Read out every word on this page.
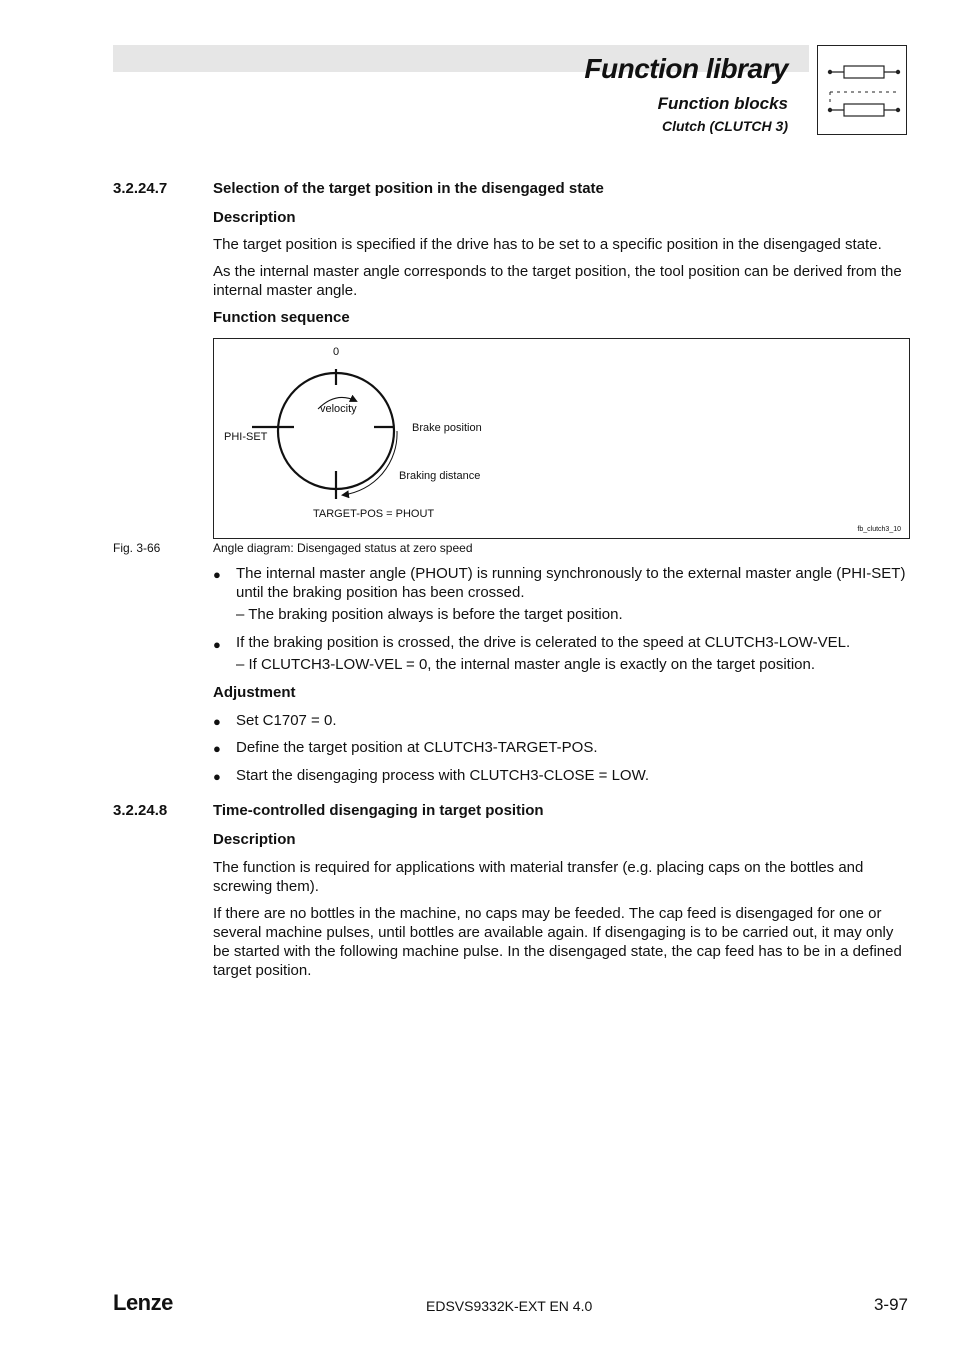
Function library
Function blocks
Clutch (CLUTCH 3)
3.2.24.7	Selection of the target position in the disengaged state
Description
The target position is specified if the drive has to be set to a specific position in the disengaged state.
As the internal master angle corresponds to the target position, the tool position can be derived from the internal master angle.
Function sequence
0
velocity
PHI-SET
Brake position
Braking distance
TARGET-POS = PHOUT
fb_clutch3_10
Fig. 3-66	Angle diagram: Disengaged status at zero speed
● The internal master angle (PHOUT) is running synchronously to the external master angle (PHI-SET) until the braking position has been crossed.
– The braking position always is before the target position.
● If the braking position is crossed, the drive is celerated to the speed at CLUTCH3-LOW-VEL.
– If CLUTCH3-LOW-VEL = 0, the internal master angle is exactly on the target position.
Adjustment
● Set C1707 = 0.
● Define the target position at CLUTCH3-TARGET-POS.
● Start the disengaging process with CLUTCH3-CLOSE = LOW.
3.2.24.8	Time-controlled disengaging in target position
Description
The function is required for applications with material transfer (e.g. placing caps on the bottles and screwing them).
If there are no bottles in the machine, no caps may be feeded. The cap feed is disengaged for one or several machine pulses, until bottles are available again. If disengaging is to be carried out, it may only be started with the following machine pulse. In the disengaged state, the cap feed has to be in a defined target position.
Lenze	EDSVS9332K-EXT EN 4.0	3-97
